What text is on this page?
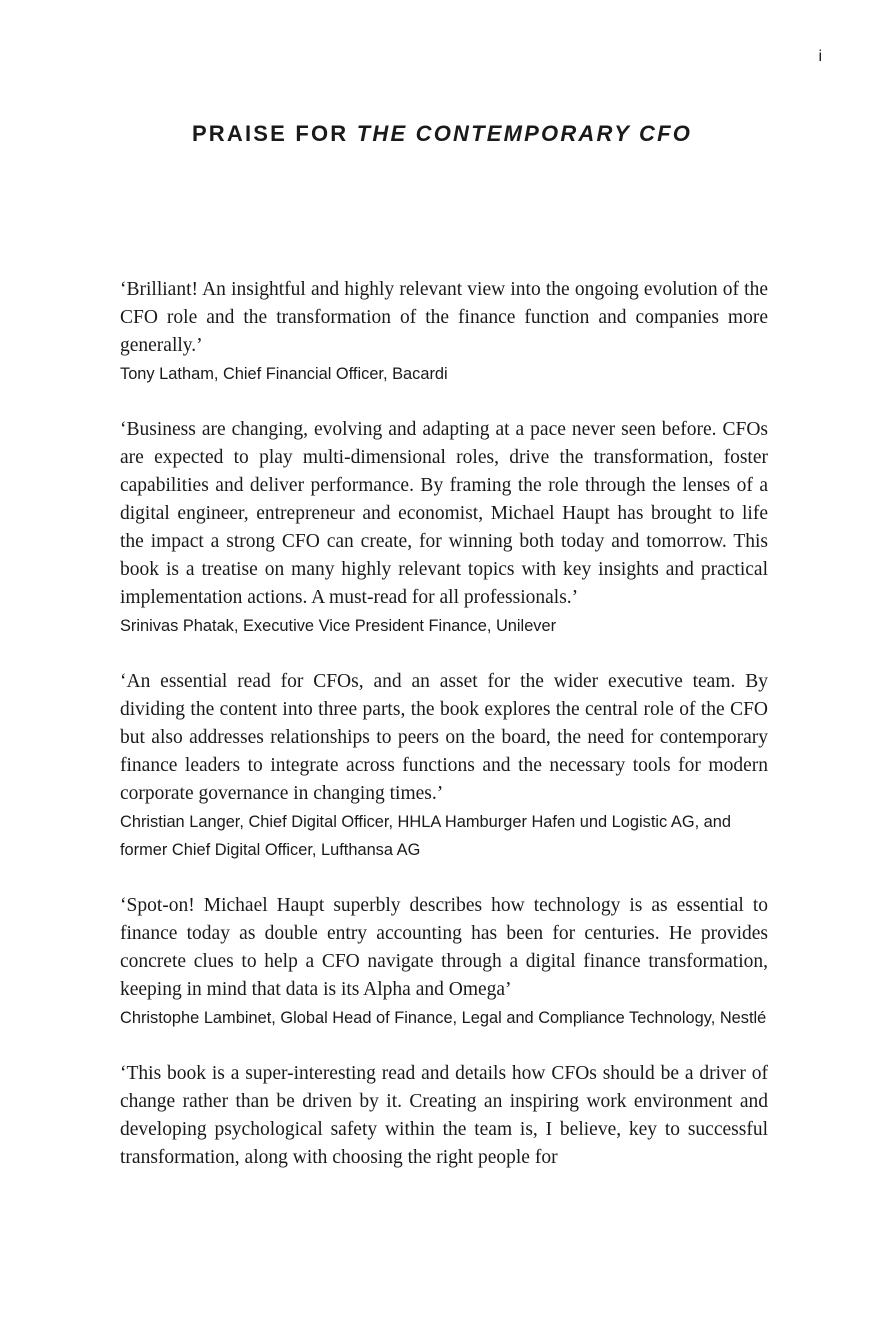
i
PRAISE FOR THE CONTEMPORARY CFO

‘Brilliant! An insightful and highly relevant view into the ongoing evolution of the CFO role and the transformation of the finance function and companies more generally.’

Tony Latham, Chief Financial Officer, Bacardi

‘Business are changing, evolving and adapting at a pace never seen before. CFOs are expected to play multi-dimensional roles, drive the transformation, foster capabilities and deliver performance. By framing the role through the lenses of a digital engineer, entrepreneur and economist, Michael Haupt has brought to life the impact a strong CFO can create, for winning both today and tomorrow. This book is a treatise on many highly relevant topics with key insights and practical implementation actions. A must-read for all professionals.’

Srinivas Phatak, Executive Vice President Finance, Unilever

‘An essential read for CFOs, and an asset for the wider executive team. By dividing the content into three parts, the book explores the central role of the CFO but also addresses relationships to peers on the board, the need for contemporary finance leaders to integrate across functions and the necessary tools for modern corporate governance in changing times.’

Christian Langer, Chief Digital Officer, HHLA Hamburger Hafen und Logistic AG, and former Chief Digital Officer, Lufthansa AG

‘Spot-on! Michael Haupt superbly describes how technology is as essential to finance today as double entry accounting has been for centuries. He provides concrete clues to help a CFO navigate through a digital finance transformation, keeping in mind that data is its Alpha and Omega’

Christophe Lambinet, Global Head of Finance, Legal and Compliance Technology, Nestlé

‘This book is a super-interesting read and details how CFOs should be a driver of change rather than be driven by it. Creating an inspiring work environment and developing psychological safety within the team is, I believe, key to successful transformation, along with choosing the right people for
